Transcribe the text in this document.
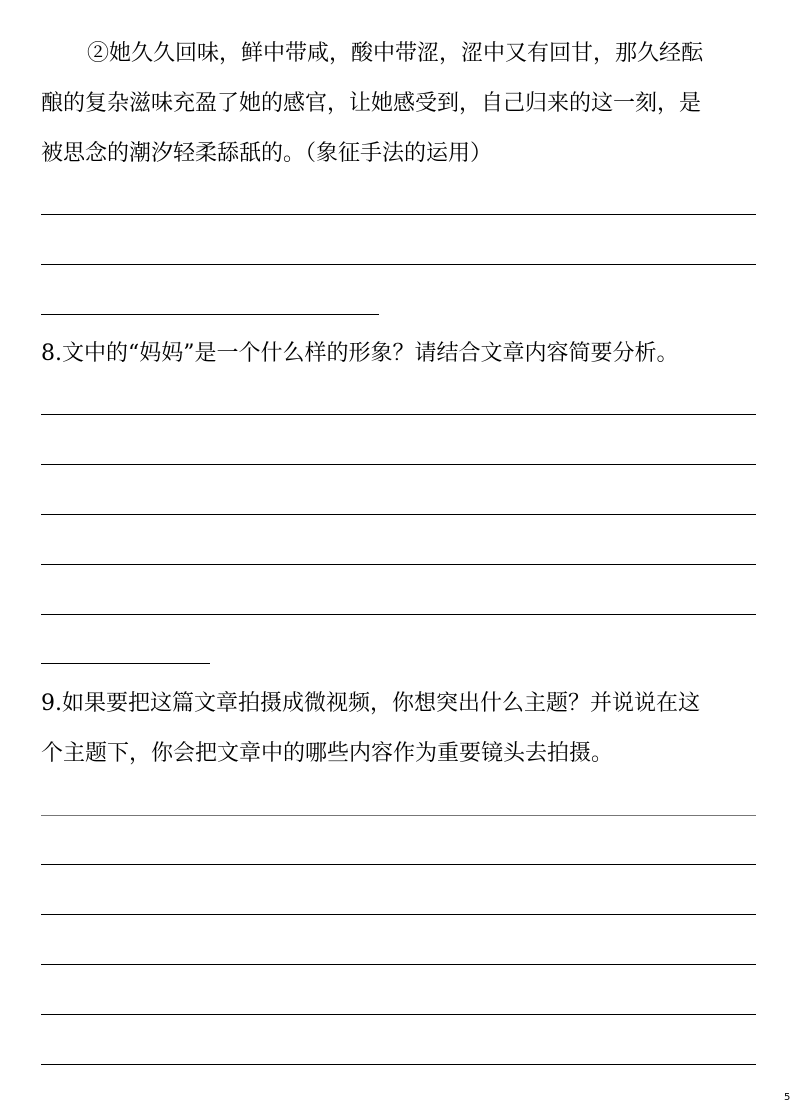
②她久久回味，鲜中带咸，酸中带涩，涩中又有回甘，那久经酝
酿的复杂滋味充盈了她的感官，让她感受到，自己归来的这一刻，是
被思念的潮汐轻柔舔舐的。（象征手法的运用）
8.文中的“妈妈”是一个什么样的形象？请结合文章内容简要分析。
9.如果要把这篇文章拍摄成微视频，你想突出什么主题？并说说在这
个主题下，你会把文章中的哪些内容作为重要镜头去拍摄。
5
